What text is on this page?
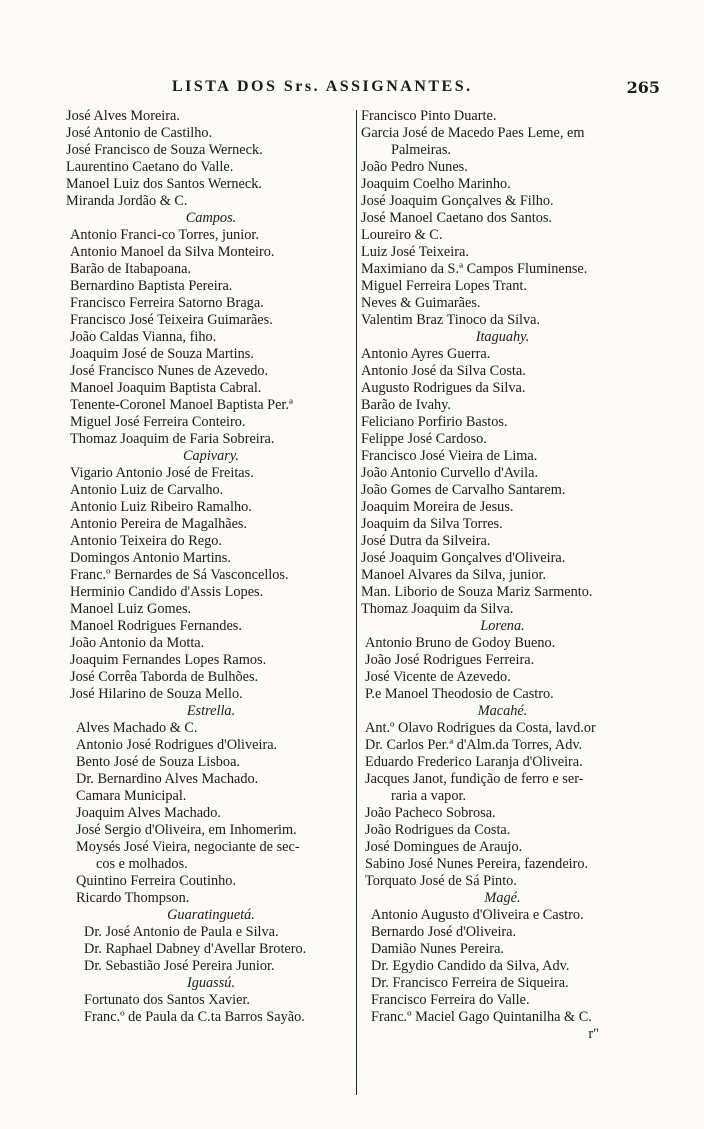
LISTA DOS Srs. ASSIGNANTES.	265
José Alves Moreira.
José Antonio de Castilho.
José Francisco de Souza Werneck.
Laurentino Caetano do Valle.
Manoel Luiz dos Santos Werneck.
Miranda Jordão & C.
Campos.
Antonio Franci-co Torres, junior.
Antonio Manoel da Silva Monteiro.
Barão de Itabapoana.
Bernardino Baptista Pereira.
Francisco Ferreira Satorno Braga.
Francisco José Teixeira Guimarães.
João Caldas Vianna, fiho.
Joaquim José de Souza Martins.
José Francisco Nunes de Azevedo.
Manoel Joaquim Baptista Cabral.
Tenente-Coronel Manoel Baptista Per.ª
Miguel José Ferreira Conteiro.
Thomaz Joaquim de Faria Sobreira.
Capivary.
Vigario Antonio José de Freitas.
Antonio Luiz de Carvalho.
Antonio Luiz Ribeiro Ramalho.
Antonio Pereira de Magalhães.
Antonio Teixeira do Rego.
Domingos Antonio Martins.
Franc.º Bernardes de Sá Vasconcellos.
Herminio Candido d'Assis Lopes.
Manoel Luiz Gomes.
Manoel Rodrigues Fernandes.
João Antonio da Motta.
Joaquim Fernandes Lopes Ramos.
José Corrêa Taborda de Bulhões.
José Hilarino de Souza Mello.
Estrella.
Alves Machado & C.
Antonio José Rodrigues d'Oliveira.
Bento José de Souza Lisboa.
Dr. Bernardino Alves Machado.
Camara Municipal.
Joaquim Alves Machado.
José Sergio d'Oliveira, em Inhomerim.
Moysés José Vieira, negociante de sec-
cos e molhados.
Quintino Ferreira Coutinho.
Ricardo Thompson.
Guaratinguetá.
Dr. José Antonio de Paula e Silva.
Dr. Raphael Dabney d'Avellar Brotero.
Dr. Sebastião José Pereira Junior.
Iguassú.
Fortunato dos Santos Xavier.
Franc.º de Paula da C.ta Barros Sayão.
Francisco Pinto Duarte.
Garcia José de Macedo Paes Leme, em
Palmeiras.
João Pedro Nunes.
Joaquim Coelho Marinho.
José Joaquim Gonçalves & Filho.
José Manoel Caetano dos Santos.
Loureiro & C.
Luiz José Teixeira.
Maximiano da S.ª Campos Fluminense.
Miguel Ferreira Lopes Trant.
Neves & Guimarães.
Valentim Braz Tinoco da Silva.
Itaguahy.
Antonio Ayres Guerra.
Antonio José da Silva Costa.
Augusto Rodrigues da Silva.
Barão de Ivahy.
Feliciano Porfirio Bastos.
Felippe José Cardoso.
Francisco José Vieira de Lima.
João Antonio Curvello d'Avila.
João Gomes de Carvalho Santarem.
Joaquim Moreira de Jesus.
Joaquim da Silva Torres.
José Dutra da Silveira.
José Joaquim Gonçalves d'Oliveira.
Manoel Alvares da Silva, junior.
Man. Liborio de Souza Mariz Sarmento.
Thomaz Joaquim da Silva.
Lorena.
Antonio Bruno de Godoy Bueno.
João José Rodrigues Ferreira.
José Vicente de Azevedo.
P.e Manoel Theodosio de Castro.
Macahé.
Ant.º Olavo Rodrigues da Costa, lavd.or
Dr. Carlos Per.ª d'Alm.da Torres, Adv.
Eduardo Frederico Laranja d'Oliveira.
Jacques Janot, fundição de ferro e ser-
raria a vapor.
João Pacheco Sobrosa.
João Rodrigues da Costa.
José Domingues de Araujo.
Sabino José Nunes Pereira, fazendeiro.
Torquato José de Sá Pinto.
Magé.
Antonio Augusto d'Oliveira e Castro.
Bernardo José d'Oliveira.
Damião Nunes Pereira.
Dr. Egydio Candido da Silva, Adv.
Dr. Francisco Ferreira de Siqueira.
Francisco Ferreira do Valle.
Franc.º Maciel Gago Quintanilha & C.
r"
